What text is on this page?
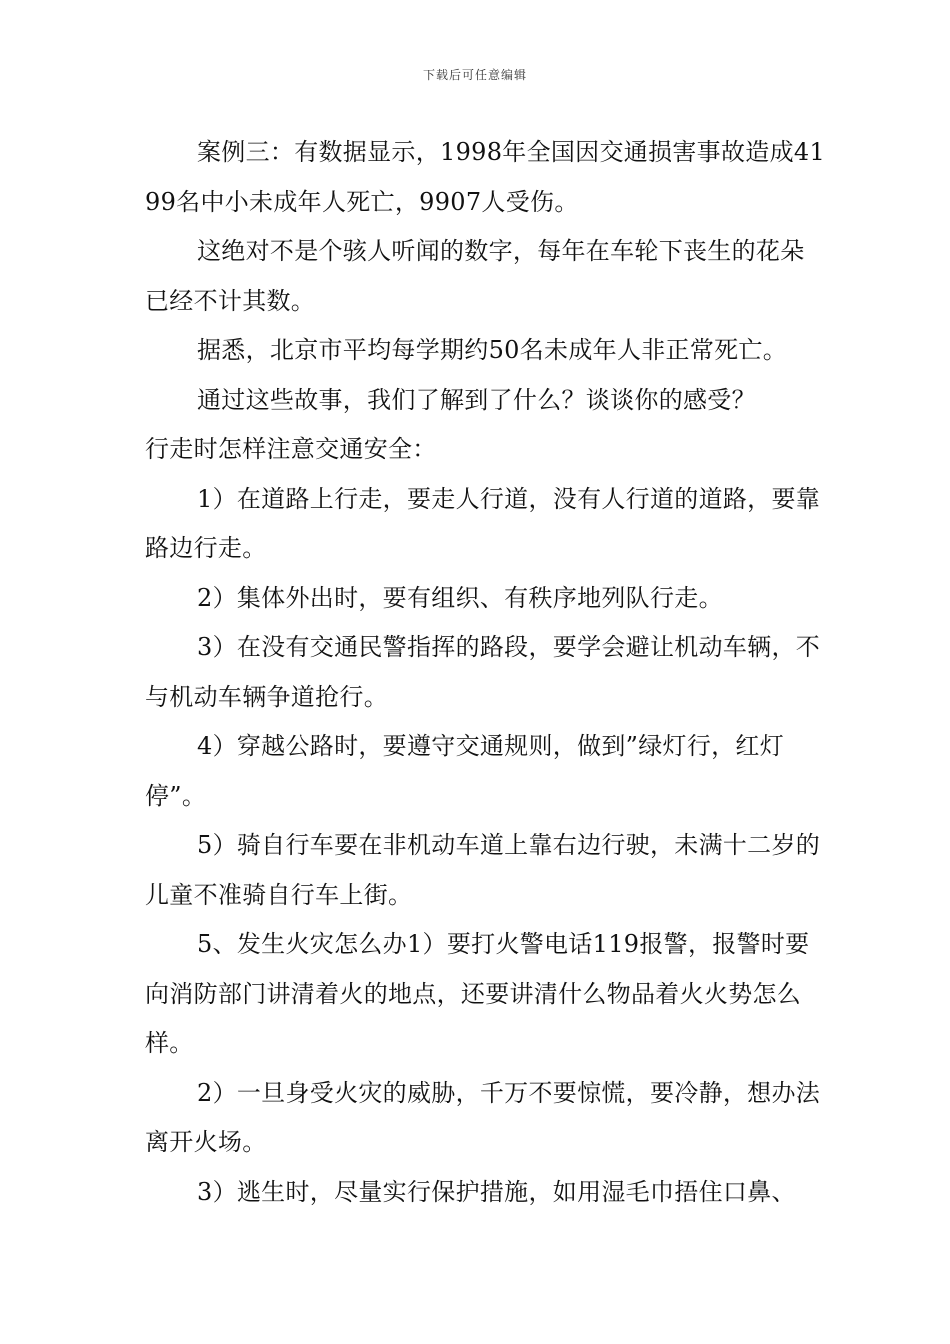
下载后可任意编辑

案例三：有数据显示，1998年全国因交通损害事故造成4199名中小未成年人死亡，9907人受伤。

这绝对不是个骇人听闻的数字，每年在车轮下丧生的花朵已经不计其数。

据悉，北京市平均每学期约50名未成年人非正常死亡。

通过这些故事，我们了解到了什么？谈谈你的感受？

行走时怎样注意交通安全：

1）在道路上行走，要走人行道，没有人行道的道路，要靠路边行走。

2）集体外出时，要有组织、有秩序地列队行走。

3）在没有交通民警指挥的路段，要学会避让机动车辆，不与机动车辆争道抢行。

4）穿越公路时，要遵守交通规则，做到”绿灯行，红灯停”。

5）骑自行车要在非机动车道上靠右边行驶，未满十二岁的儿童不准骑自行车上街。

5、发生火灾怎么办1）要打火警电话119报警，报警时要向消防部门讲清着火的地点，还要讲清什么物品着火火势怎么样。

2）一旦身受火灾的威胁，千万不要惊慌，要冷静，想办法离开火场。

3）逃生时，尽量实行保护措施，如用湿毛巾捂住口鼻、
